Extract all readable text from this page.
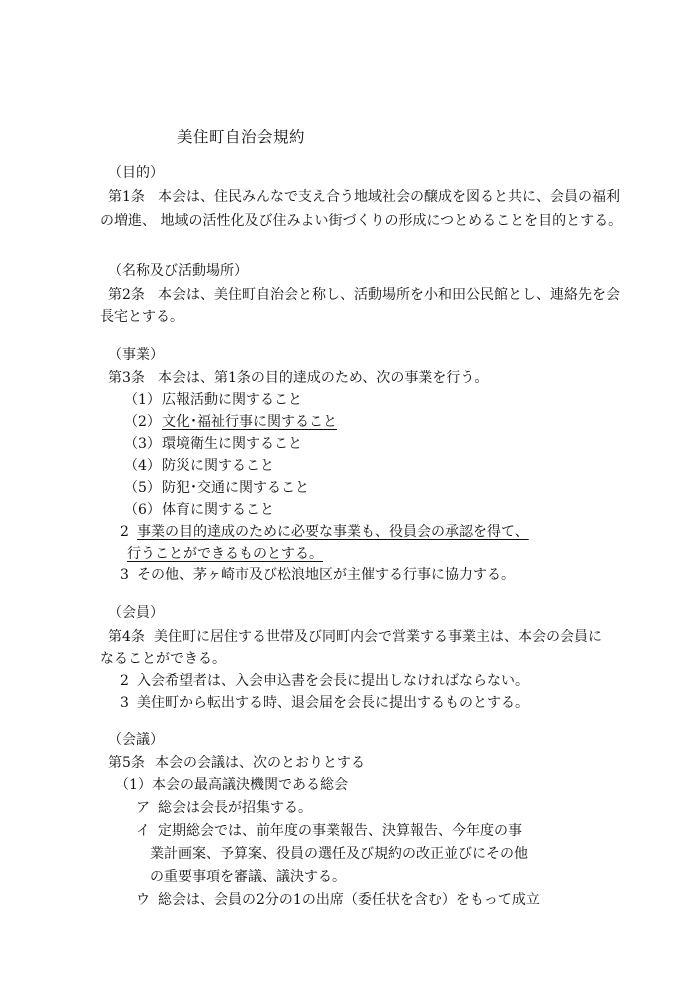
美住町自治会規約
（目的）
第1条 本会は、住民みんなで支え合う地域社会の醸成を図ると共に、会員の福利
の増進、 地域の活性化及び住みよい街づくりの形成につとめることを目的とする。
（名称及び活動場所）
第2条 本会は、美住町自治会と称し、活動場所を小和田公民館とし、連絡先を会
長宅とする。
（事業）
第3条 本会は、第1条の目的達成のため、次の事業を行う。
（1） 広報活動に関すること
（2） 文化･福祉行事に関すること
（3） 環境衛生に関すること
（4） 防災に関すること
（5） 防犯･交通に関すること
（6） 体育に関すること
2 事業の目的達成のために必要な事業も、役員会の承認を得て、
行うことができるものとする。
3 その他、茅ヶ崎市及び松浪地区が主催する行事に協力する。
（会員）
第4条 美住町に居住する世帯及び同町内会で営業する事業主は、本会の会員に
なることができる。
2 入会希望者は、入会申込書を会長に提出しなければならない。
3 美住町から転出する時、退会届を会長に提出するものとする。
（会議）
第5条 本会の会議は、次のとおりとする
（1） 本会の最高議決機関である総会
ア 総会は会長が招集する。
イ 定期総会では、前年度の事業報告、決算報告、今年度の事
業計画案、予算案、役員の選任及び規約の改正並びにその他
の重要事項を審議、議決する。
ウ 総会は、会員の2分の1の出席（委任状を含む）をもって成立
